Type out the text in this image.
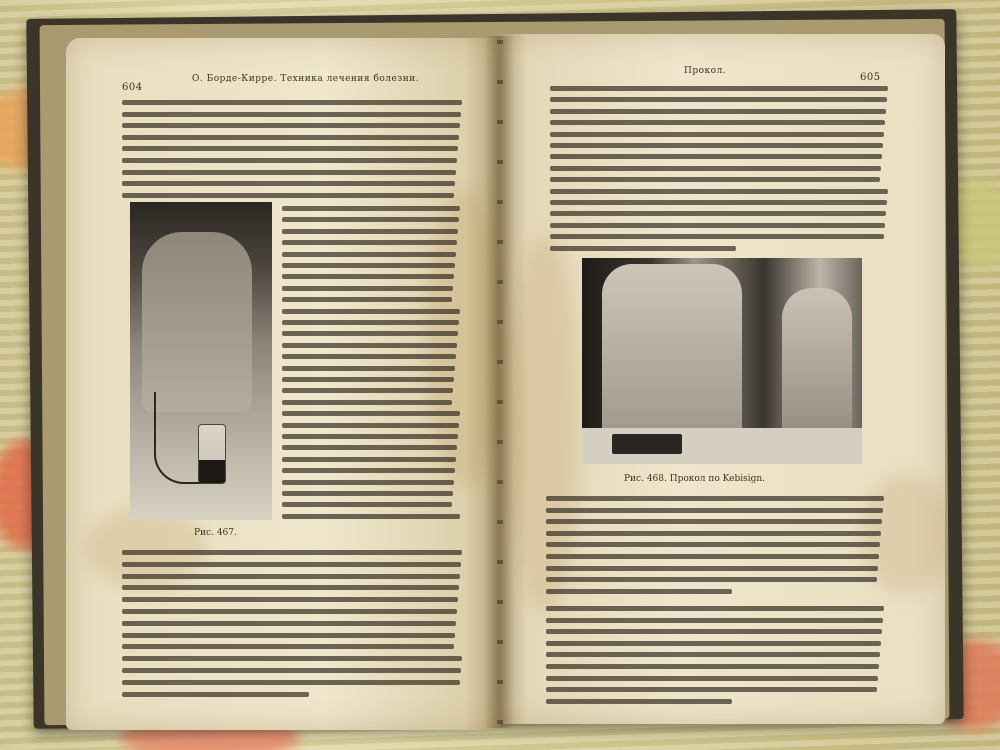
604
О. Борде-Кирре. Техника лечения болезни.
Рис. 467.
Прокол.
605
Рис. 468. Прокол по Kebisign.
